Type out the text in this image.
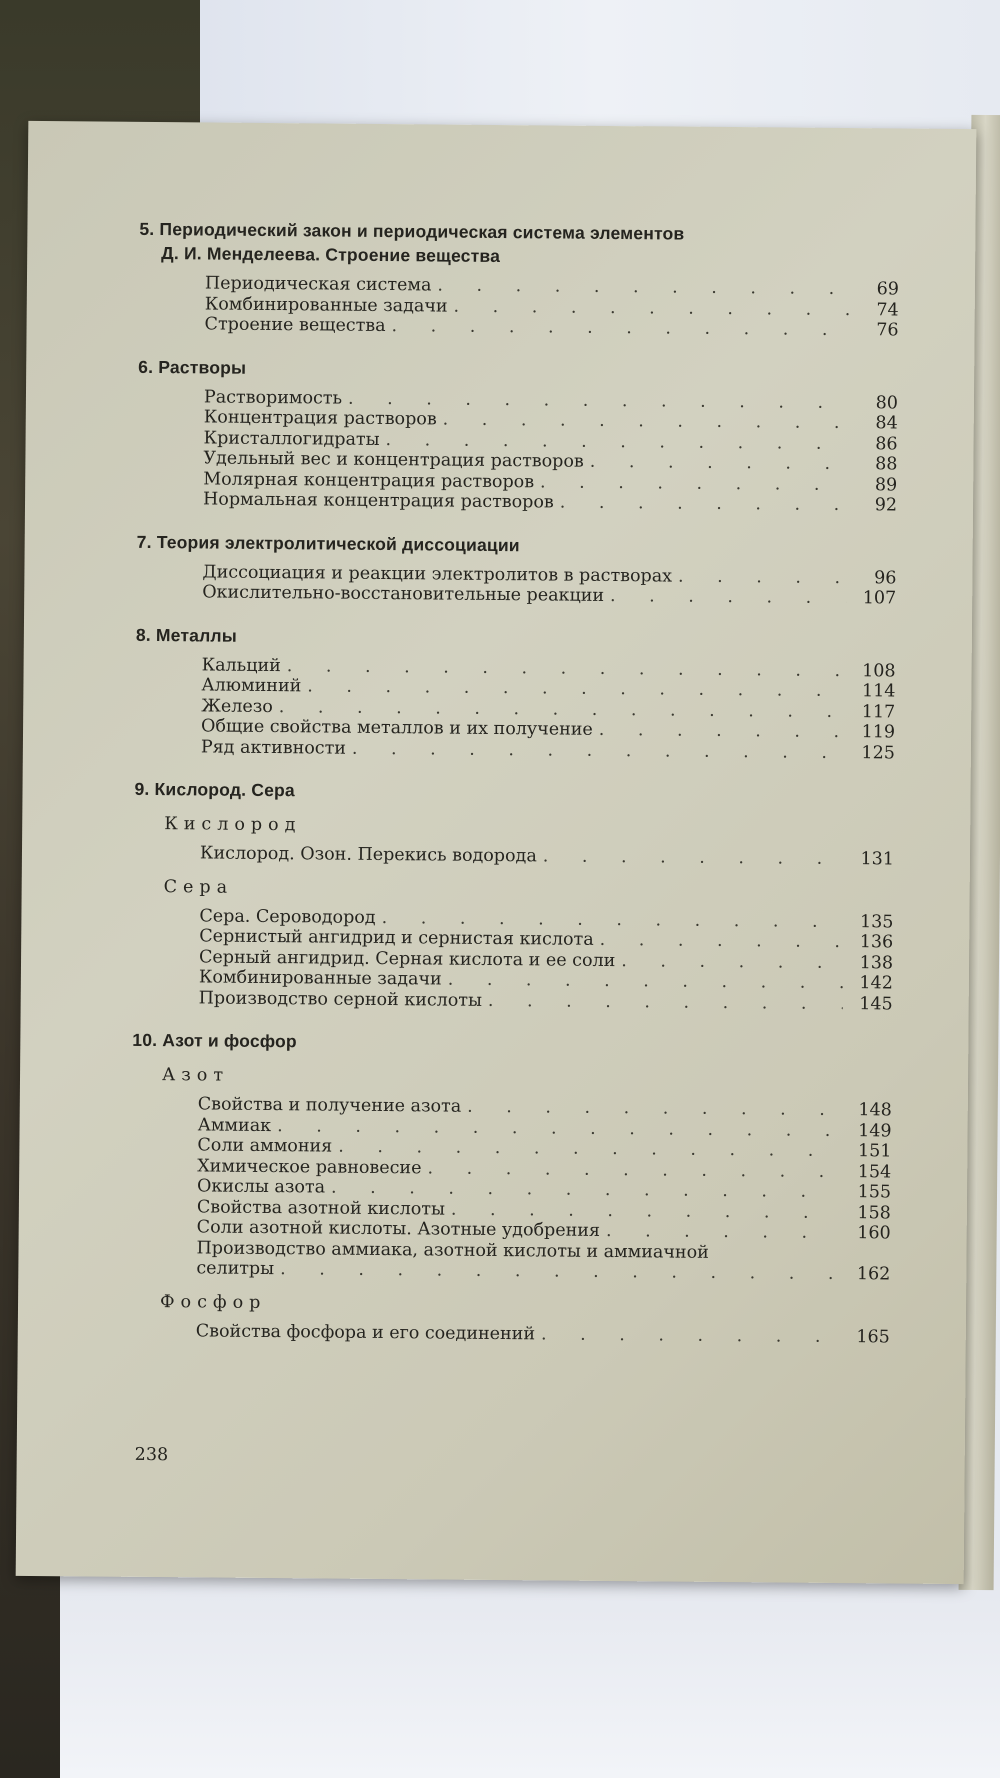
5. Периодический закон и периодическая система элементов
Д. И. Менделеева. Строение вещества
Периодическая система . . .	69
Комбинированные задачи . . .	74
Строение вещества . . .	76
6. Растворы
Растворимость . . .	80
Концентрация растворов . . .	84
Кристаллогидраты . . .	86
Удельный вес и концентрация растворов . . .	88
Молярная концентрация растворов . . .	89
Нормальная концентрация растворов . . .	92
7. Теория электролитической диссоциации
Диссоциация и реакции электролитов в растворах . . .	96
Окислительно-восстановительные реакции . . .	107
8. Металлы
Кальций . . .	108
Алюминий . . .	114
Железо . . .	117
Общие свойства металлов и их получение . . .	119
Ряд активности . . .	125
9. Кислород. Сера
Кислород
Кислород. Озон. Перекись водорода . . .	131
Сера
Сера. Сероводород . . .	135
Сернистый ангидрид и сернистая кислота . . .	136
Серный ангидрид. Серная кислота и ее соли . . .	138
Комбинированные задачи . . .	142
Производство серной кислоты . . .	145
10. Азот и фосфор
Азот
Свойства и получение азота . . .	148
Аммиак . . .	149
Соли аммония . . .	151
Химическое равновесие . . .	154
Окислы азота . . .	155
Свойства азотной кислоты . . .	158
Соли азотной кислоты. Азотные удобрения . . .	160
Производство аммиака, азотной кислоты и аммиачной
селитры . . .	162
Фосфор
Свойства фосфора и его соединений . . .	165
238
